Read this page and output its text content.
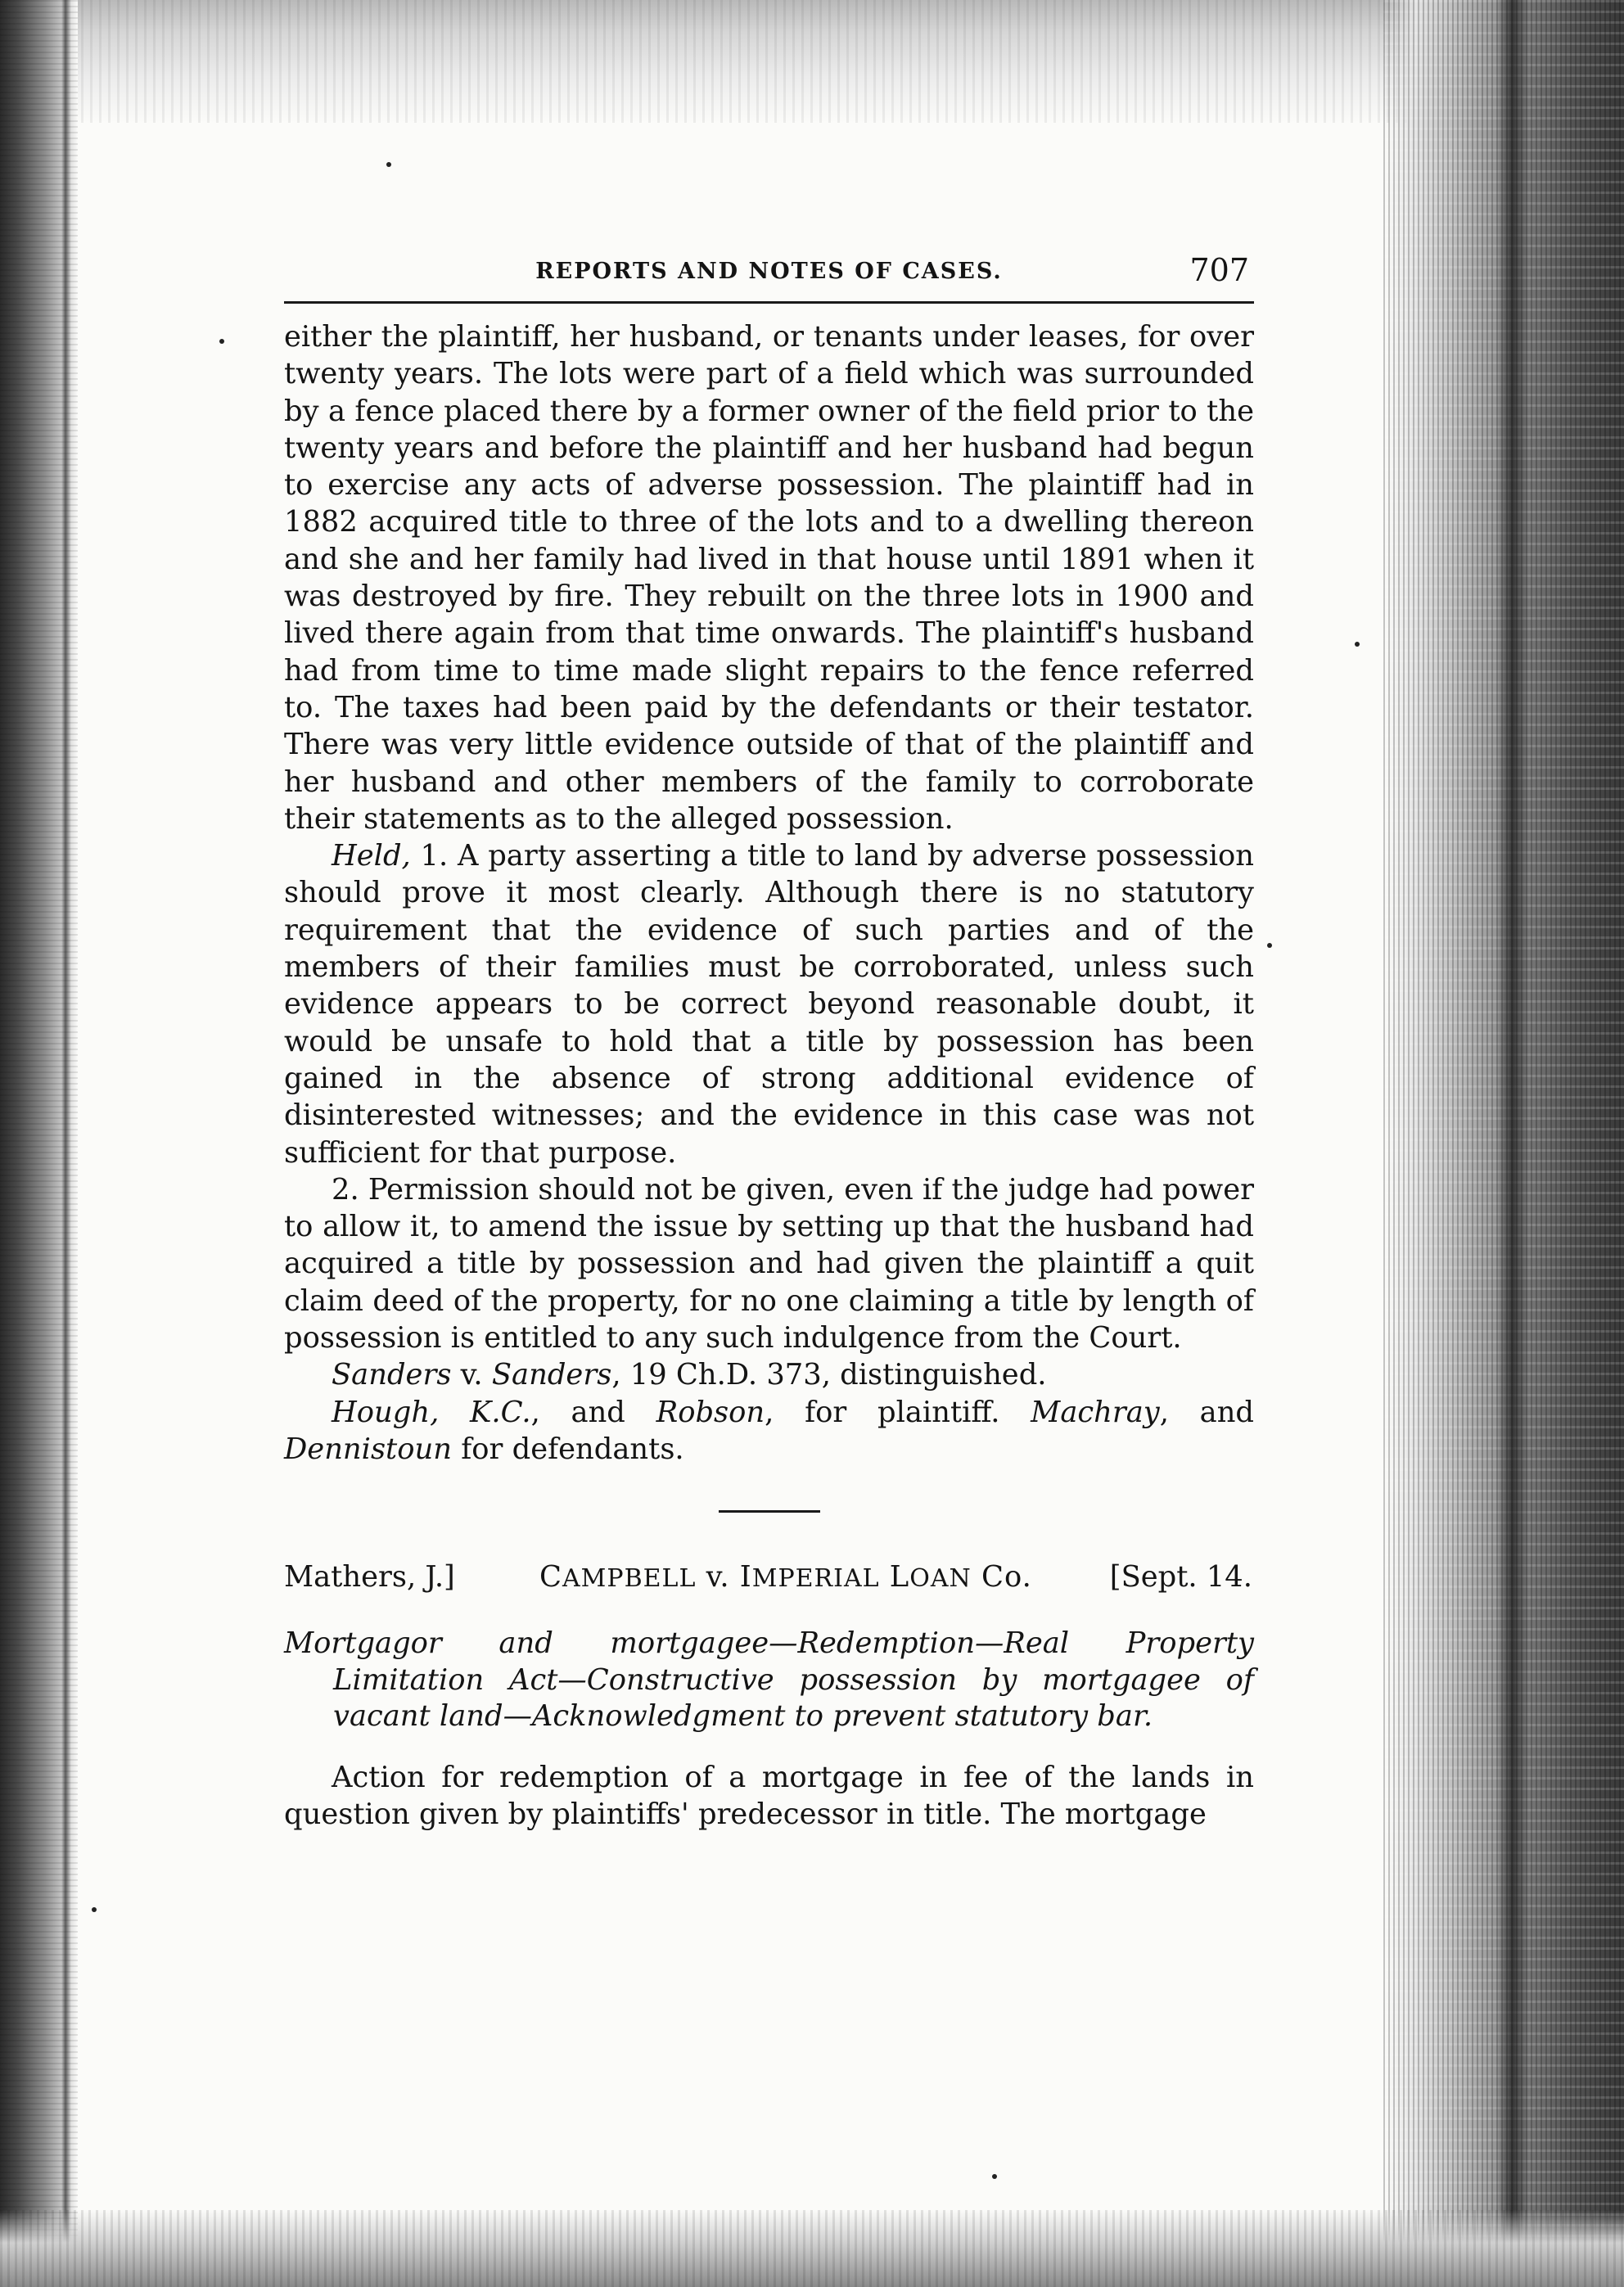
REPORTS AND NOTES OF CASES.	707

either the plaintiff, her husband, or tenants under leases, for over twenty years. The lots were part of a field which was surrounded by a fence placed there by a former owner of the field prior to the twenty years and before the plaintiff and her husband had begun to exercise any acts of adverse possession. The plaintiff had in 1882 acquired title to three of the lots and to a dwelling thereon and she and her family had lived in that house until 1891 when it was destroyed by fire. They rebuilt on the three lots in 1900 and lived there again from that time onwards. The plaintiff's husband had from time to time made slight repairs to the fence referred to. The taxes had been paid by the defendants or their testator. There was very little evidence outside of that of the plaintiff and her husband and other members of the family to corroborate their statements as to the alleged possession.

Held, 1. A party asserting a title to land by adverse possession should prove it most clearly. Although there is no statutory requirement that the evidence of such parties and of the members of their families must be corroborated, unless such evidence appears to be correct beyond reasonable doubt, it would be unsafe to hold that a title by possession has been gained in the absence of strong additional evidence of disinterested witnesses; and the evidence in this case was not sufficient for that purpose.

2. Permission should not be given, even if the judge had power to allow it, to amend the issue by setting up that the husband had acquired a title by possession and had given the plaintiff a quit claim deed of the property, for no one claiming a title by length of possession is entitled to any such indulgence from the Court.

Sanders v. Sanders, 19 Ch.D. 373, distinguished.

Hough, K.C., and Robson, for plaintiff. Machray, and Dennistoun for defendants.

Mathers, J.]	CAMPBELL v. IMPERIAL LOAN Co.	[Sept. 14.

Mortgagor and mortgagee—Redemption—Real Property Limitation Act—Constructive possession by mortgagee of vacant land—Acknowledgment to prevent statutory bar.

Action for redemption of a mortgage in fee of the lands in question given by plaintiffs' predecessor in title. The mortgage
